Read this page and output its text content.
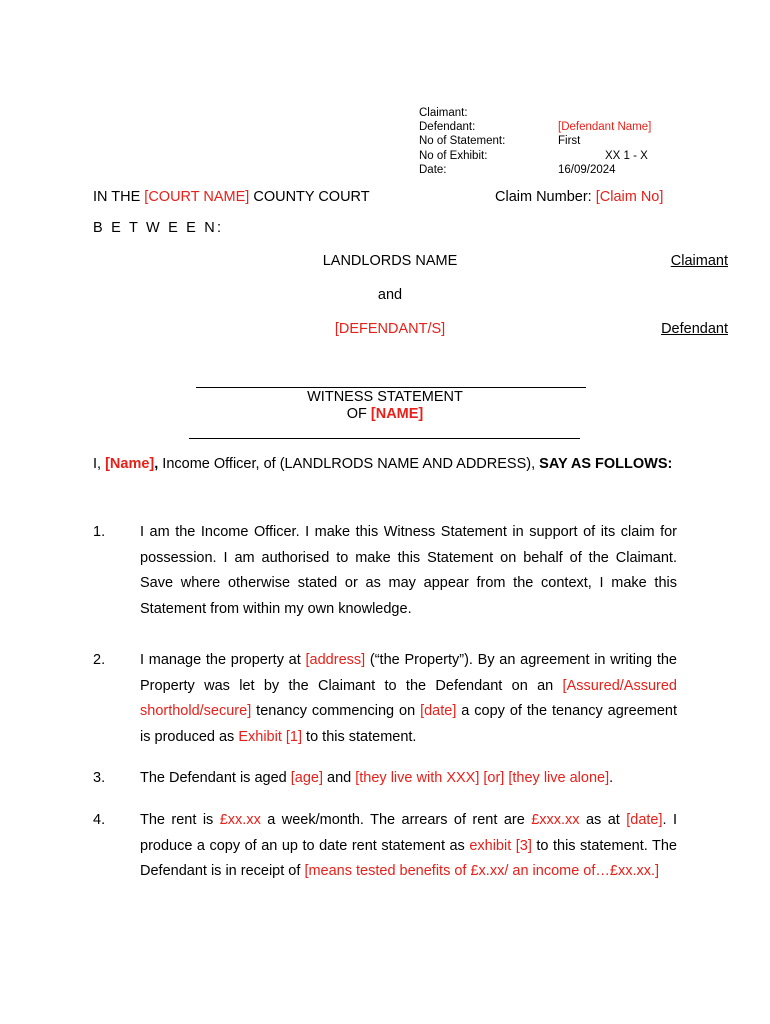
Claimant:
Defendant:	[Defendant Name]
No of Statement:	First
No of Exhibit:	XX 1 - X
Date:	16/09/2024
IN THE [COURT NAME] COUNTY COURT	Claim Number: [Claim No]
B E T W E E N:
LANDLORDS NAME	Claimant
and
[DEFENDANT/S]	Defendant
WITNESS STATEMENT
OF [NAME]
I, [Name], Income Officer, of (LANDLRODS NAME AND ADDRESS), SAY AS FOLLOWS:
1. I am the Income Officer. I make this Witness Statement in support of its claim for possession. I am authorised to make this Statement on behalf of the Claimant. Save where otherwise stated or as may appear from the context, I make this Statement from within my own knowledge.
2. I manage the property at [address] (“the Property”). By an agreement in writing the Property was let by the Claimant to the Defendant on an [Assured/Assured shorthold/secure] tenancy commencing on [date] a copy of the tenancy agreement is produced as Exhibit [1] to this statement.
3. The Defendant is aged [age] and [they live with XXX] [or] [they live alone].
4. The rent is £xx.xx a week/month. The arrears of rent are £xxx.xx as at [date]. I produce a copy of an up to date rent statement as exhibit [3] to this statement. The Defendant is in receipt of [means tested benefits of £x.xx/ an income of…£xx.xx.]
